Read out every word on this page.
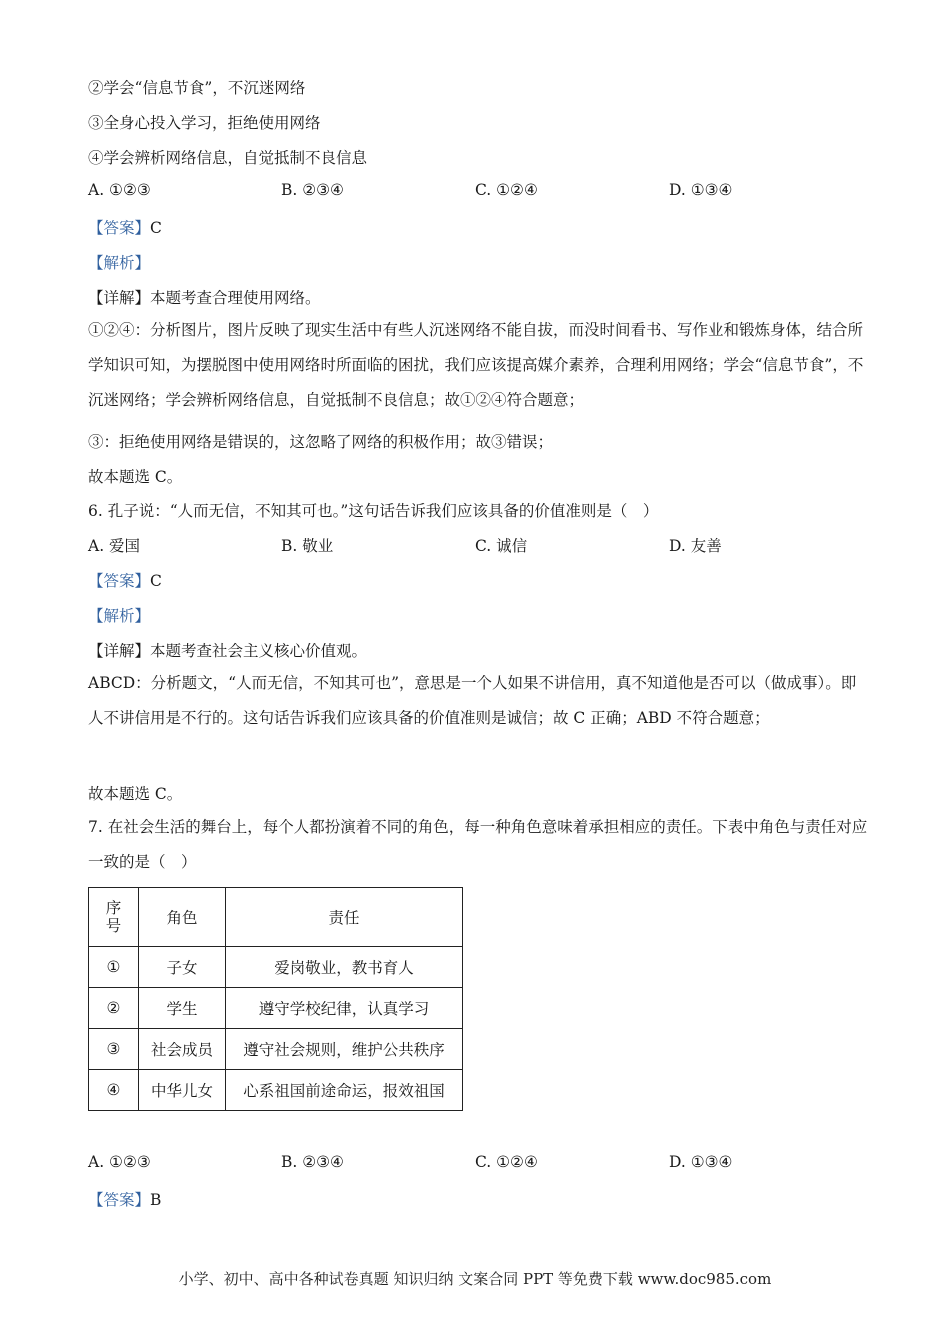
②学会“信息节食”，不沉迷网络
③全身心投入学习，拒绝使用网络
④学会辨析网络信息，自觉抵制不良信息
A. ①②③	B. ②③④	C. ①②④	D. ①③④
【答案】C
【解析】
【详解】本题考查合理使用网络。
①②④：分析图片，图片反映了现实生活中有些人沉迷网络不能自拔，而没时间看书、写作业和锻炼身体，结合所学知识可知，为摆脱图中使用网络时所面临的困扰，我们应该提高媒介素养，合理利用网络；学会“信息节食”，不沉迷网络；学会辨析网络信息，自觉抵制不良信息；故①②④符合题意；
③：拒绝使用网络是错误的，这忽略了网络的积极作用；故③错误；
故本题选 C。
6. 孔子说：“人而无信，不知其可也。”这句话告诉我们应该具备的价值准则是（　）
A. 爱国	B. 敬业	C. 诚信	D. 友善
【答案】C
【解析】
【详解】本题考查社会主义核心价值观。
ABCD：分析题文，“人而无信，不知其可也”，意思是一个人如果不讲信用，真不知道他是否可以（做成事）。即人不讲信用是不行的。这句话告诉我们应该具备的价值准则是诚信；故 C 正确；ABD 不符合题意；
故本题选 C。
7. 在社会生活的舞台上，每个人都扮演着不同的角色，每一种角色意味着承担相应的责任。下表中角色与责任对应一致的是（　）
序
号	角色	责任
①	子女	爱岗敬业，教书育人
②	学生	遵守学校纪律，认真学习
③	社会成员	遵守社会规则，维护公共秩序
④	中华儿女	心系祖国前途命运，报效祖国
A. ①②③	B. ②③④	C. ①②④	D. ①③④
【答案】B
小学、初中、高中各种试卷真题 知识归纳 文案合同 PPT 等免费下载 www.doc985.com
